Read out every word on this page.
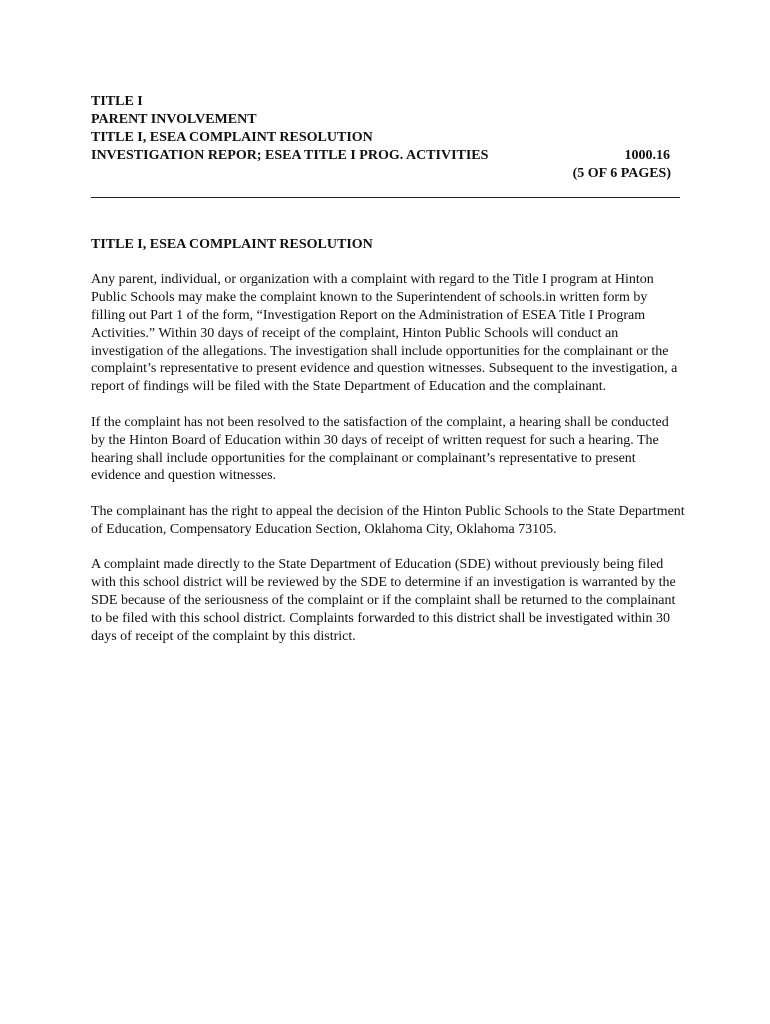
TITLE I
PARENT INVOLVEMENT
TITLE I, ESEA COMPLAINT RESOLUTION
INVESTIGATION REPOR; ESEA TITLE I PROG. ACTIVITIES	1000.16
(5 OF 6 PAGES)
TITLE I, ESEA COMPLAINT RESOLUTION

Any parent, individual, or organization with a complaint with regard to the Title I program at Hinton Public Schools may make the complaint known to the Superintendent of schools.in written form by filling out Part 1 of the form, “Investigation Report on the Administration of ESEA Title I Program Activities.” Within 30 days of receipt of the complaint, Hinton Public Schools will conduct an investigation of the allegations. The investigation shall include opportunities for the complainant or the complaint’s representative to present evidence and question witnesses. Subsequent to the investigation, a report of findings will be filed with the State Department of Education and the complainant.

If the complaint has not been resolved to the satisfaction of the complaint, a hearing shall be conducted by the Hinton Board of Education within 30 days of receipt of written request for such a hearing. The hearing shall include opportunities for the complainant or complainant’s representative to present evidence and question witnesses.

The complainant has the right to appeal the decision of the Hinton Public Schools to the State Department of Education, Compensatory Education Section, Oklahoma City, Oklahoma 73105.

A complaint made directly to the State Department of Education (SDE) without previously being filed with this school district will be reviewed by the SDE to determine if an investigation is warranted by the SDE because of the seriousness of the complaint or if the complaint shall be returned to the complainant to be filed with this school district. Complaints forwarded to this district shall be investigated within 30 days of receipt of the complaint by this district.
